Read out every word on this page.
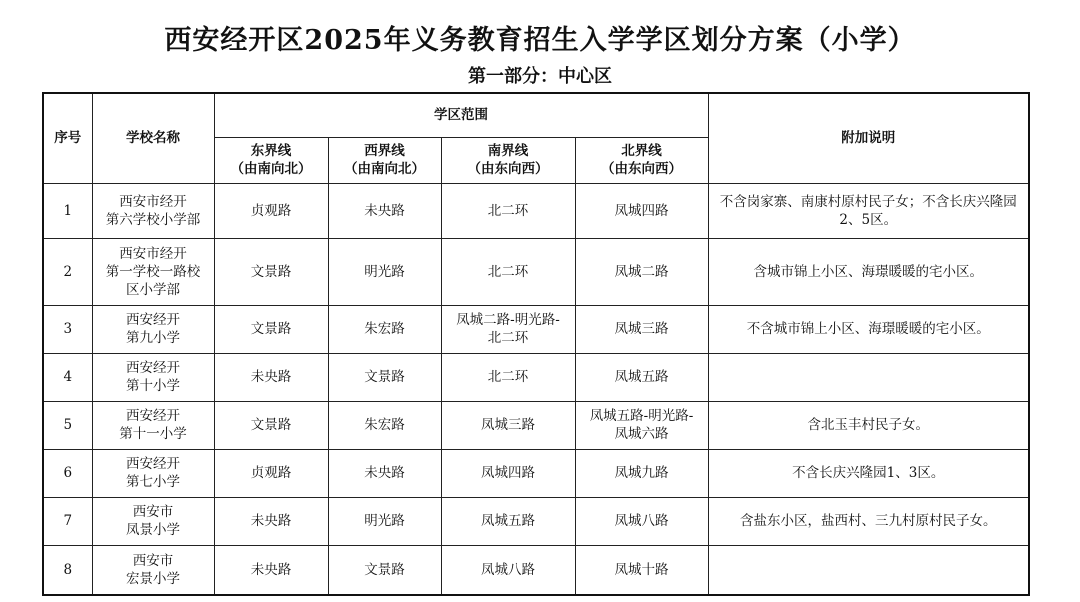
西安经开区2025年义务教育招生入学学区划分方案（小学）
第一部分：中心区
序号	学校名称	学区范围				附加说明
		东界线
（由南向北）	西界线
（由南向北）	南界线
（由东向西）	北界线
（由东向西）	
1	西安市经开
第六学校小学部	贞观路	未央路	北二环	凤城四路	不含岗家寨、南康村原村民子女；不含长庆兴隆园2、5区。
2	西安市经开
第一学校一路校
区小学部	文景路	明光路	北二环	凤城二路	含城市锦上小区、海璟暖暖的宅小区。
3	西安经开
第九小学	文景路	朱宏路	凤城二路-明光路-
北二环	凤城三路	不含城市锦上小区、海璟暖暖的宅小区。
4	西安经开
第十小学	未央路	文景路	北二环	凤城五路	
5	西安经开
第十一小学	文景路	朱宏路	凤城三路	凤城五路-明光路-
凤城六路	含北玉丰村民子女。
6	西安经开
第七小学	贞观路	未央路	凤城四路	凤城九路	不含长庆兴隆园1、3区。
7	西安市
凤景小学	未央路	明光路	凤城五路	凤城八路	含盐东小区，盐西村、三九村原村民子女。
8	西安市
宏景小学	未央路	文景路	凤城八路	凤城十路	
